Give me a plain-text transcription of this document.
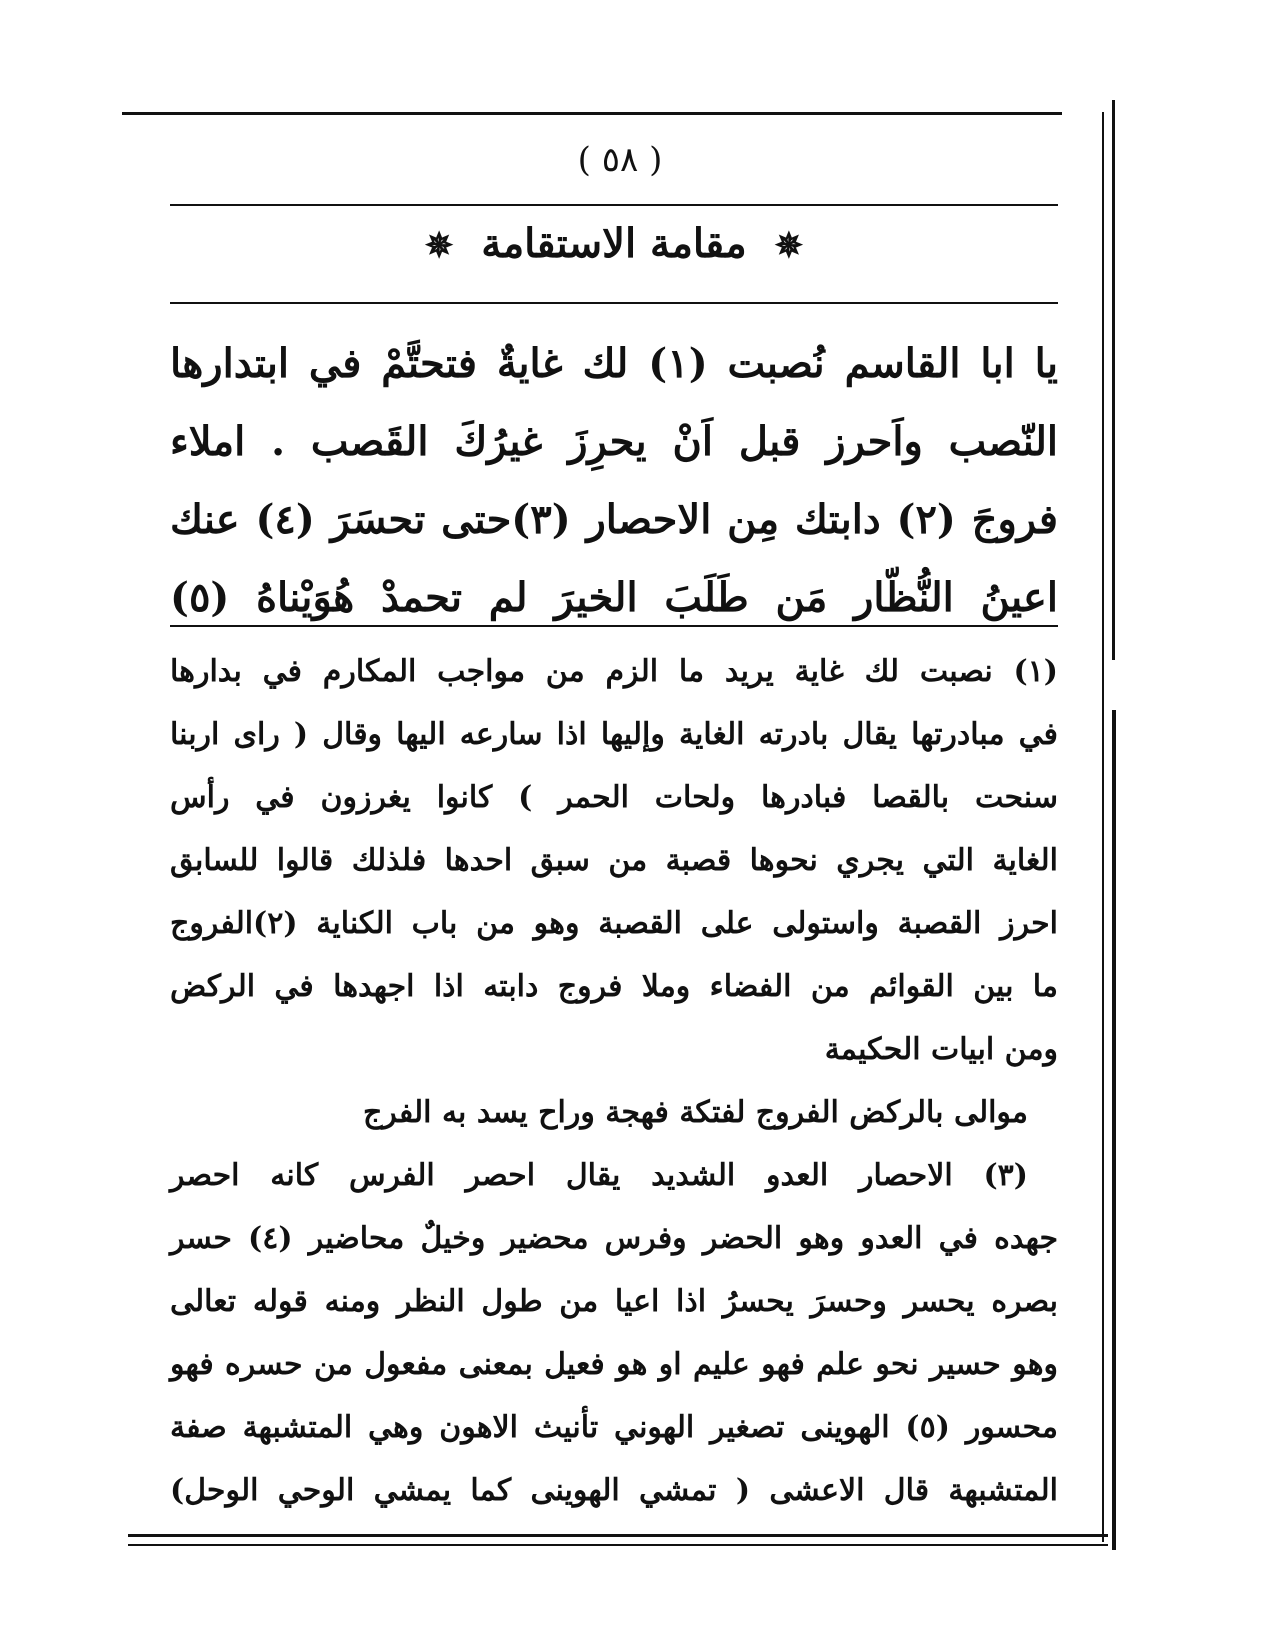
( ٥٨ )
✵ مقامة الاستقامة ✵

يا ابا القاسم نُصبت (١) لك غايةٌ فتحتَّمْ في ابتدارها

النّصب واَحرز قبل اَنْ يحرِزَ غيرُكَ القَصب . املاء

فروجَ (٢) دابتك مِن الاحصار (٣)حتى تحسَرَ (٤) عنك

اعينُ النُّظّار مَن طَلَبَ الخيرَ لم تحمدْ هُوَيْناهُ (٥)

(١) نصبت لك غاية يريد ما الزم من مواجب المكارم في بدارها

في مبادرتها يقال بادرته الغاية وإليها اذا سارعه اليها وقال ( راى اربنا

سنحت بالقصا فبادرها ولحات الحمر ) كانوا يغرزون في رأس

الغاية التي يجري نحوها قصبة من سبق احدها فلذلك قالوا للسابق

احرز القصبة واستولى على القصبة وهو من باب الكناية (٢)الفروج

ما بين القوائم من الفضاء وملا فروج دابته اذا اجهدها في الركض

ومن ابيات الحكيمة

موالى بالركض الفروج لفتكة فهجة وراح يسد به الفرج

(٣) الاحصار العدو الشديد يقال احصر الفرس كانه احصر

جهده في العدو وهو الحضر وفرس محضير وخيلٌ محاضير (٤) حسر

بصره يحسر وحسرَ يحسرُ اذا اعيا من طول النظر ومنه قوله تعالى

وهو حسير نحو علم فهو عليم او هو فعيل بمعنى مفعول من حسره فهو

محسور (٥) الهوينى تصغير الهوني تأنيث الاهون وهي المتشبهة صفة

المتشبهة قال الاعشى ( تمشي الهوينى كما يمشي الوحي الوحل)
